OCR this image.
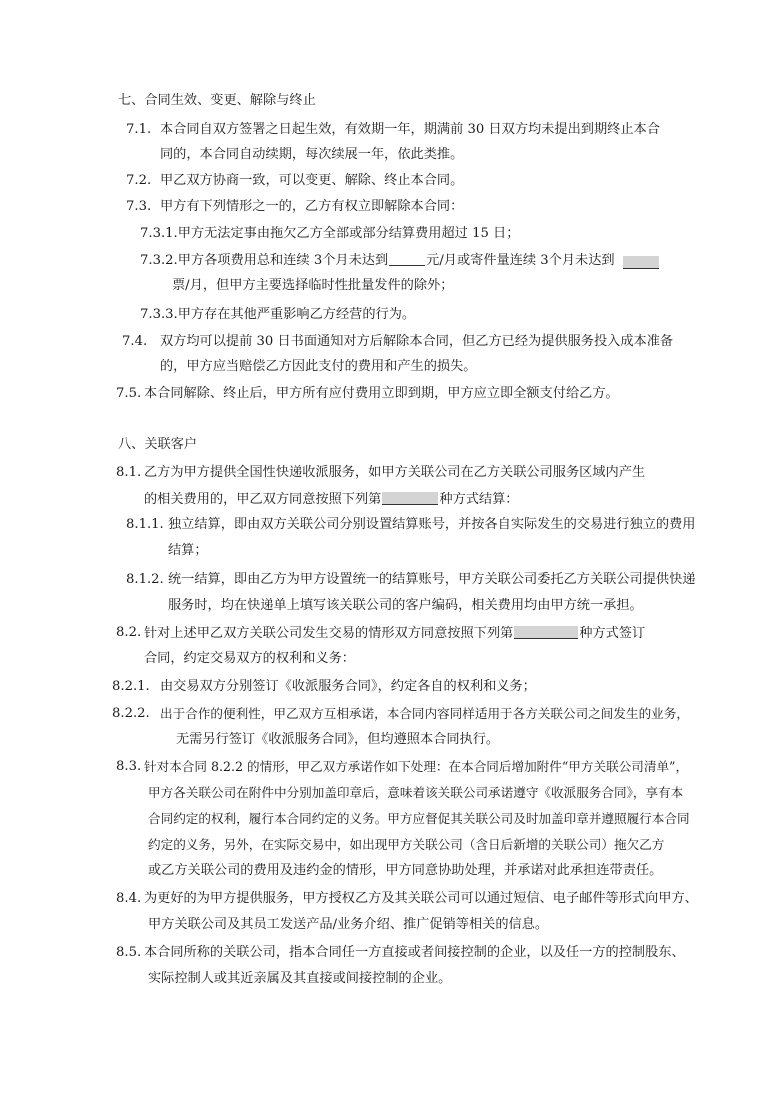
七、合同生效、变更、解除与终止
7.1. 本合同自双方签署之日起生效，有效期一年，期满前 30 日双方均未提出到期终止本合
同的，本合同自动续期，每次续展一年，依此类推。
7.2. 甲乙双方协商一致，可以变更、解除、终止本合同。
7.3. 甲方有下列情形之一的，乙方有权立即解除本合同：
7.3.1.甲方无法定事由拖欠乙方全部或部分结算费用超过 15 日；
7.3.2.甲方各项费用总和连续 3个月未达到	元/月或寄件量连续 3个月未达到
票/月，但甲方主要选择临时性批量发件的除外；
7.3.3.甲方存在其他严重影响乙方经营的行为。
7.4. 双方均可以提前 30 日书面通知对方后解除本合同，但乙方已经为提供服务投入成本准备
的，甲方应当赔偿乙方因此支付的费用和产生的损失。
7.5. 本合同解除、终止后，甲方所有应付费用立即到期，甲方应立即全额支付给乙方。
八、关联客户
8.1. 乙方为甲方提供全国性快递收派服务，如甲方关联公司在乙方关联公司服务区域内产生
的相关费用的，甲乙双方同意按照下列第	种方式结算：
8.1.1. 独立结算，即由双方关联公司分别设置结算账号，并按各自实际发生的交易进行独立的费用
结算；
8.1.2. 统一结算，即由乙方为甲方设置统一的结算账号，甲方关联公司委托乙方关联公司提供快递
服务时，均在快递单上填写该关联公司的客户编码，相关费用均由甲方统一承担。
8.2. 针对上述甲乙双方关联公司发生交易的情形双方同意按照下列第	种方式签订
合同，约定交易双方的权利和义务：
8.2.1. 由交易双方分别签订《收派服务合同》，约定各自的权利和义务；
8.2.2. 出于合作的便利性，甲乙双方互相承诺，本合同内容同样适用于各方关联公司之间发生的业务，
无需另行签订《收派服务合同》，但均遵照本合同执行。
8.3. 针对本合同 8.2.2 的情形，甲乙双方承诺作如下处理：在本合同后增加附件“甲方关联公司清单”，
甲方各关联公司在附件中分别加盖印章后，意味着该关联公司承诺遵守《收派服务合同》，享有本
合同约定的权利，履行本合同约定的义务。甲方应督促其关联公司及时加盖印章并遵照履行本合同
约定的义务，另外，在实际交易中，如出现甲方关联公司（含日后新增的关联公司）拖欠乙方
或乙方关联公司的费用及违约金的情形，甲方同意协助处理，并承诺对此承担连带责任。
8.4. 为更好的为甲方提供服务，甲方授权乙方及其关联公司可以通过短信、电子邮件等形式向甲方、
甲方关联公司及其员工发送产品/业务介绍、推广促销等相关的信息。
8.5. 本合同所称的关联公司，指本合同任一方直接或者间接控制的企业，以及任一方的控制股东、
实际控制人或其近亲属及其直接或间接控制的企业。
